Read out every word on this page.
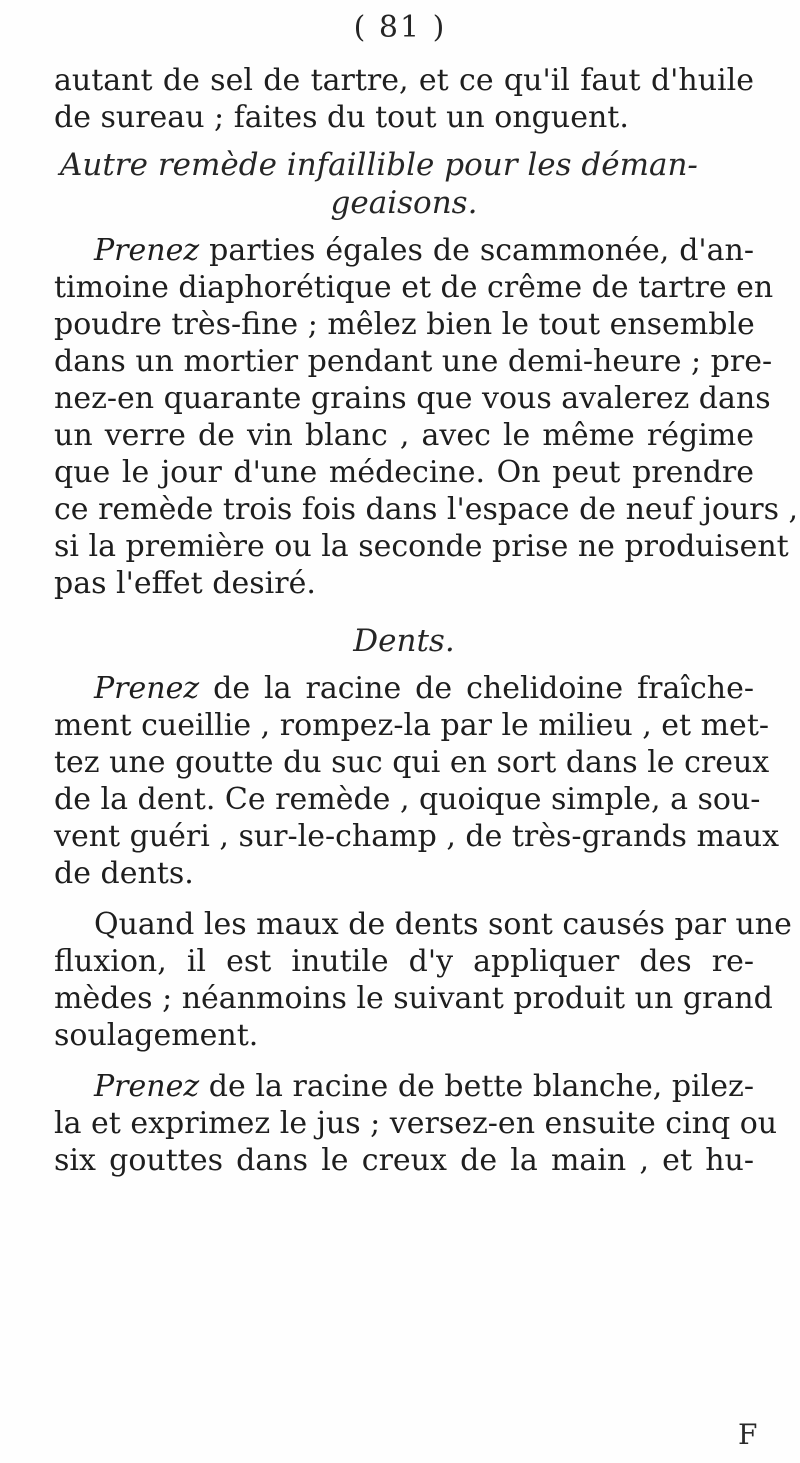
( 81 )
autant de sel de tartre, et ce qu'il faut d'huile
de sureau ; faites du tout un onguent.
Autre remède infaillible pour les déman-
geaisons.
Prenez parties égales de scammonée, d'an-
timoine diaphorétique et de crême de tartre en
poudre très-fine ; mêlez bien le tout ensemble
dans un mortier pendant une demi-heure ; pre-
nez-en quarante grains que vous avalerez dans
un verre de vin blanc , avec le même régime
que le jour d'une médecine. On peut prendre
ce remède trois fois dans l'espace de neuf jours ,
si la première ou la seconde prise ne produisent
pas l'effet desiré.
Dents.
Prenez de la racine de chelidoine fraîche-
ment cueillie , rompez-la par le milieu , et met-
tez une goutte du suc qui en sort dans le creux
de la dent. Ce remède , quoique simple, a sou-
vent guéri , sur-le-champ , de très-grands maux
de dents.
Quand les maux de dents sont causés par une
fluxion, il est inutile d'y appliquer des re-
mèdes ; néanmoins le suivant produit un grand
soulagement.
Prenez de la racine de bette blanche, pilez-
la et exprimez le jus ; versez-en ensuite cinq ou
six gouttes dans le creux de la main , et hu-
F
